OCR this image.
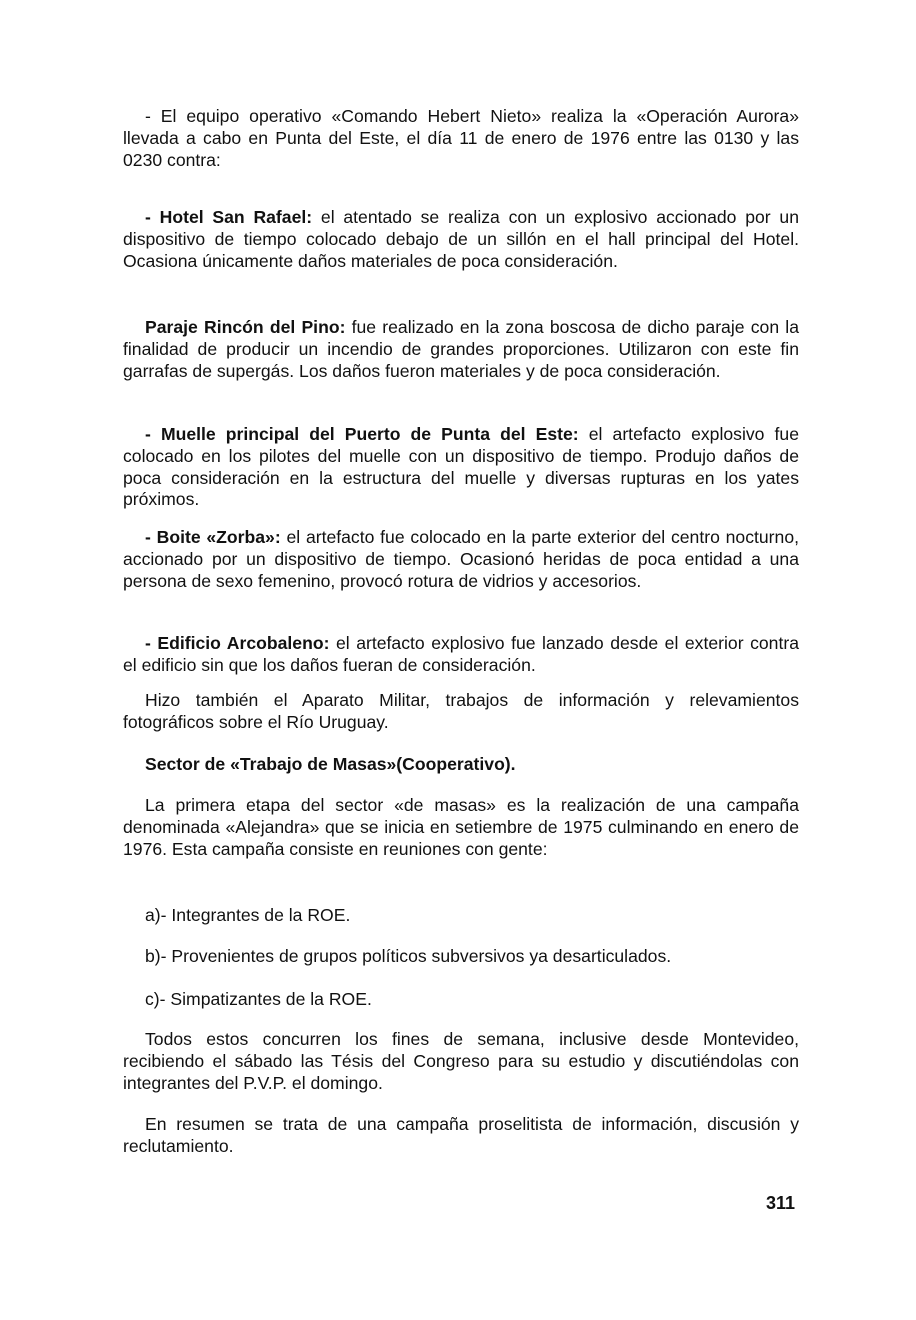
- El equipo operativo «Comando Hebert Nieto» realiza la «Operación Aurora» llevada a cabo en Punta del Este, el día 11 de enero de 1976 entre las 0130 y las 0230 contra:

- Hotel San Rafael: el atentado se realiza con un explosivo accionado por un dispositivo de tiempo colocado debajo de un sillón en el hall principal del Hotel. Ocasiona únicamente daños materiales de poca consideración.

Paraje Rincón del Pino: fue realizado en la zona boscosa de dicho paraje con la finalidad de producir un incendio de grandes proporciones. Utilizaron con este fin garrafas de supergás. Los daños fueron materiales y de poca consideración.

- Muelle principal del Puerto de Punta del Este: el artefacto explosivo fue colocado en los pilotes del muelle con un dispositivo de tiempo. Produjo daños de poca consideración en la estructura del muelle y diversas rupturas en los yates próximos.

- Boite «Zorba»: el artefacto fue colocado en la parte exterior del centro nocturno, accionado por un dispositivo de tiempo. Ocasionó heridas de poca entidad a una persona de sexo femenino, provocó rotura de vidrios y accesorios.

- Edificio Arcobaleno: el artefacto explosivo fue lanzado desde el exterior contra el edificio sin que los daños fueran de consideración.

Hizo también el Aparato Militar, trabajos de información y relevamientos fotográficos sobre el Río Uruguay.

Sector de «Trabajo de Masas»(Cooperativo).

La primera etapa del sector «de masas» es la realización de una campaña denominada «Alejandra» que se inicia en setiembre de 1975 culminando en enero de 1976. Esta campaña consiste en reuniones con gente:

a)- Integrantes de la ROE.

b)- Provenientes de grupos políticos subversivos ya desarticulados.

c)- Simpatizantes de la ROE.

Todos estos concurren los fines de semana, inclusive desde Montevideo, recibiendo el sábado las Tésis del Congreso para su estudio y discutiéndolas con integrantes del P.V.P. el domingo.

En resumen se trata de una campaña proselitista de información, discusión y reclutamiento.

311
